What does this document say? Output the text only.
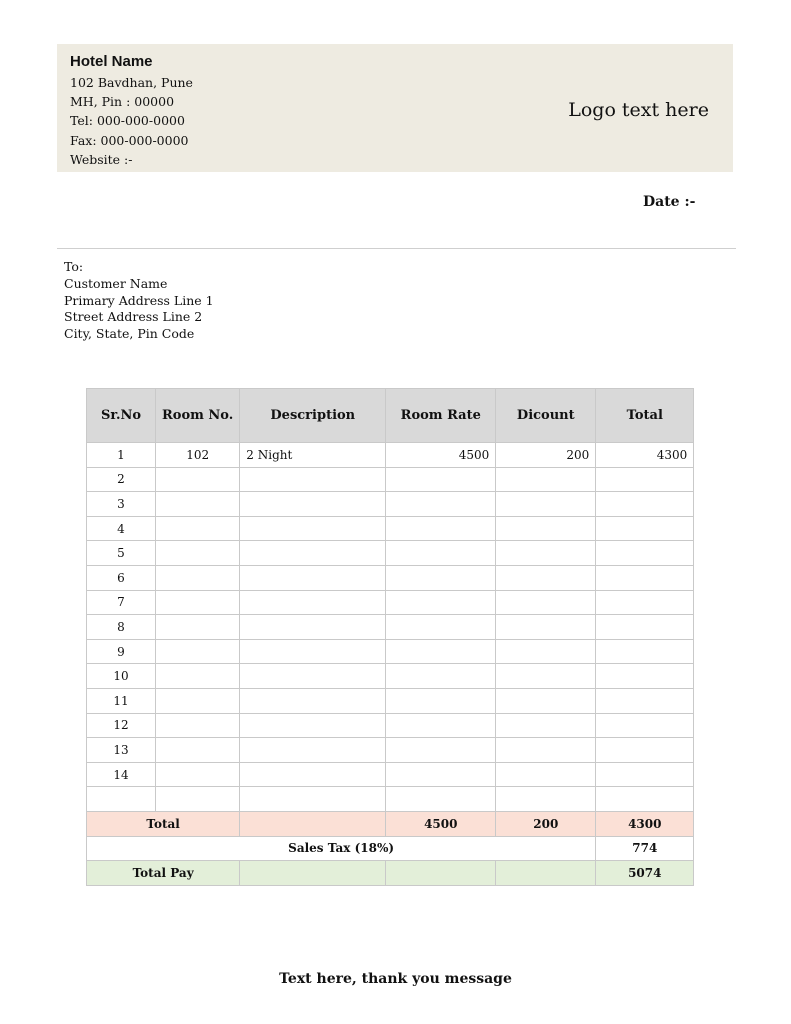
Hotel Name
102 Bavdhan, Pune
MH, Pin : 00000
Tel: 000-000-0000
Fax: 000-000-0000
Website :-
Logo text here
Date :-
To:
Customer Name
Primary Address Line 1
Street Address Line 2
City, State, Pin Code
Sr.No	Room No.	Description	Room Rate	Dicount	Total
1	102	2 Night	4500	200	4300
2					
3					
4					
5					
6					
7					
8					
9					
10					
11					
12					
13					
14					

Total			4500	200	4300
Sales Tax (18%)					774
Total Pay					5074
Text here, thank you message
